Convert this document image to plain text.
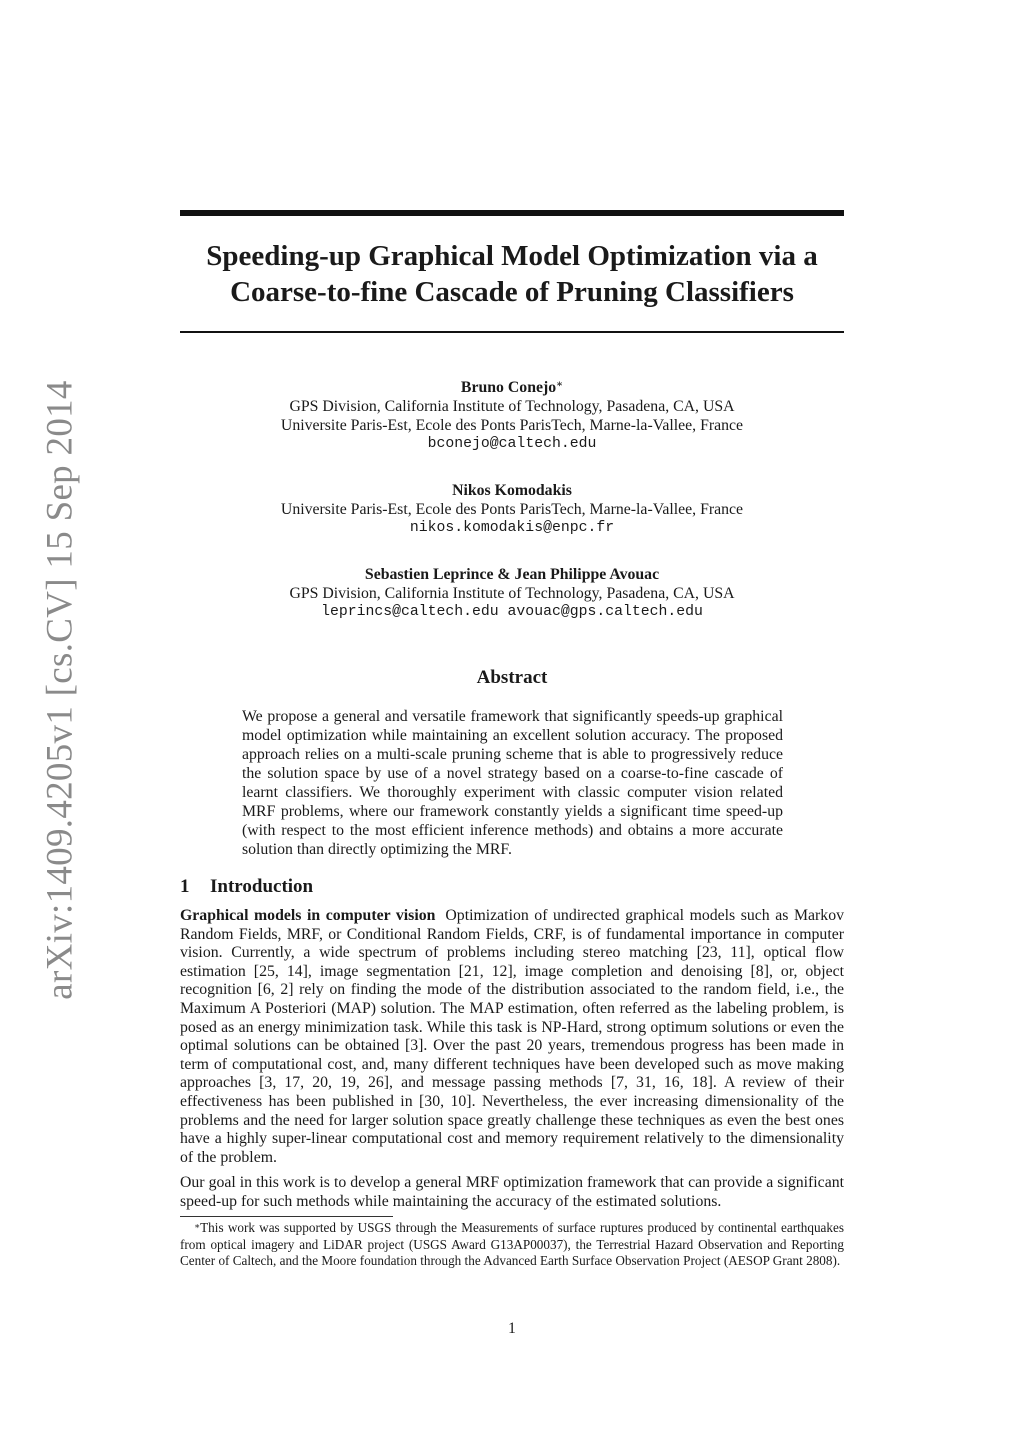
arXiv:1409.4205v1 [cs.CV] 15 Sep 2014
Speeding-up Graphical Model Optimization via a
Coarse-to-fine Cascade of Pruning Classifiers
Bruno Conejo∗
GPS Division, California Institute of Technology, Pasadena, CA, USA
Universite Paris-Est, Ecole des Ponts ParisTech, Marne-la-Vallee, France
bconejo@caltech.edu
Nikos Komodakis
Universite Paris-Est, Ecole des Ponts ParisTech, Marne-la-Vallee, France
nikos.komodakis@enpc.fr
Sebastien Leprince & Jean Philippe Avouac
GPS Division, California Institute of Technology, Pasadena, CA, USA
leprincs@caltech.edu avouac@gps.caltech.edu
Abstract
We propose a general and versatile framework that significantly speeds-up graphical model optimization while maintaining an excellent solution accuracy. The proposed approach relies on a multi-scale pruning scheme that is able to progressively reduce the solution space by use of a novel strategy based on a coarse-to-fine cascade of learnt classifiers. We thoroughly experiment with classic computer vision related MRF problems, where our framework constantly yields a significant time speed-up (with respect to the most efficient inference methods) and obtains a more accurate solution than directly optimizing the MRF.
1 Introduction
Graphical models in computer vision Optimization of undirected graphical models such as Markov Random Fields, MRF, or Conditional Random Fields, CRF, is of fundamental importance in computer vision. Currently, a wide spectrum of problems including stereo matching [23, 11], optical flow estimation [25, 14], image segmentation [21, 12], image completion and denoising [8], or, object recognition [6, 2] rely on finding the mode of the distribution associated to the random field, i.e., the Maximum A Posteriori (MAP) solution. The MAP estimation, often referred as the labeling problem, is posed as an energy minimization task. While this task is NP-Hard, strong optimum solutions or even the optimal solutions can be obtained [3]. Over the past 20 years, tremendous progress has been made in term of computational cost, and, many different techniques have been developed such as move making approaches [3, 17, 20, 19, 26], and message passing methods [7, 31, 16, 18]. A review of their effectiveness has been published in [30, 10]. Nevertheless, the ever increasing dimensionality of the problems and the need for larger solution space greatly challenge these techniques as even the best ones have a highly super-linear computational cost and memory requirement relatively to the dimensionality of the problem.
Our goal in this work is to develop a general MRF optimization framework that can provide a significant speed-up for such methods while maintaining the accuracy of the estimated solutions.
∗This work was supported by USGS through the Measurements of surface ruptures produced by continental earthquakes from optical imagery and LiDAR project (USGS Award G13AP00037), the Terrestrial Hazard Observation and Reporting Center of Caltech, and the Moore foundation through the Advanced Earth Surface Observation Project (AESOP Grant 2808).
1
